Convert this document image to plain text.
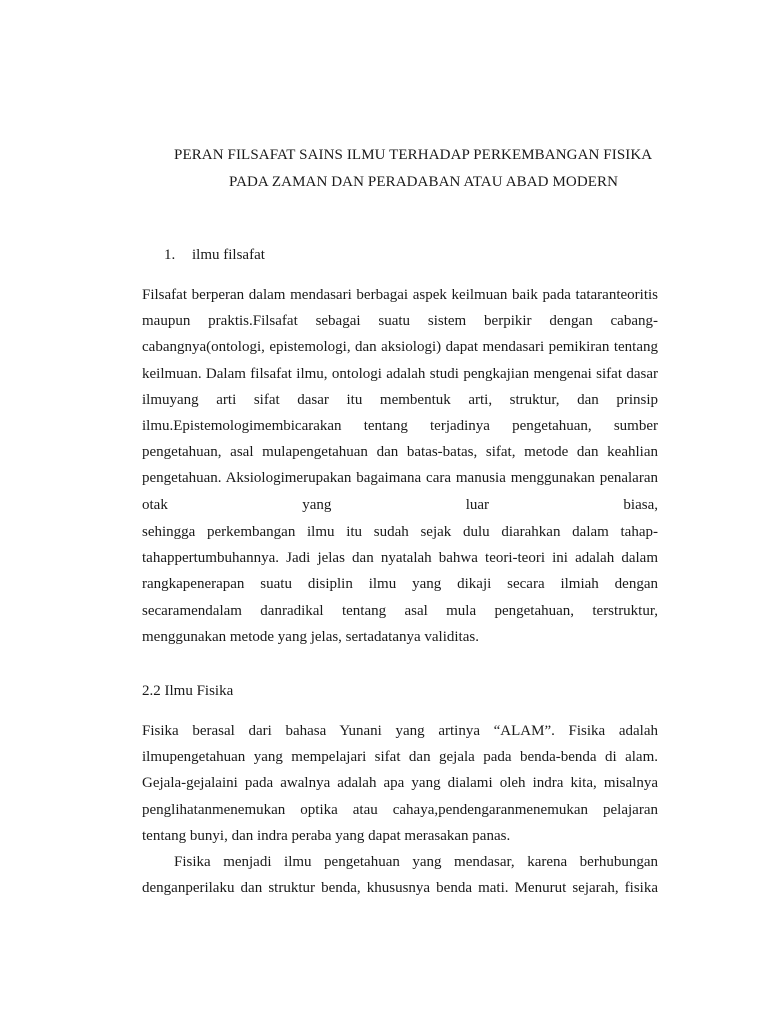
PERAN FILSAFAT SAINS ILMU TERHADAP PERKEMBANGAN FISIKA
PADA ZAMAN DAN PERADABAN ATAU ABAD MODERN
1. ilmu filsafat

Filsafat berperan dalam mendasari berbagai aspek keilmuan baik pada tataranteoritis maupun praktis.Filsafat sebagai suatu sistem berpikir dengan cabang-cabangnya(ontologi, epistemologi, dan aksiologi) dapat mendasari pemikiran tentang keilmuan. Dalam filsafat ilmu, ontologi adalah studi pengkajian mengenai sifat dasar ilmuyang arti sifat dasar itu membentuk arti, struktur, dan prinsip ilmu.Epistemologimembicarakan tentang terjadinya pengetahuan, sumber pengetahuan, asal mulapengetahuan dan batas-batas, sifat, metode dan keahlian pengetahuan. Aksiologimerupakan bagaimana cara manusia menggunakan penalaran otak yang luar biasa,

sehingga perkembangan ilmu itu sudah sejak dulu diarahkan dalam tahap-tahappertumbuhannya. Jadi jelas dan nyatalah bahwa teori-teori ini adalah dalam rangkapenerapan suatu disiplin ilmu yang dikaji secara ilmiah dengan secaramendalam danradikal tentang asal mula pengetahuan, terstruktur, menggunakan metode yang jelas, sertadatanya validitas.

2.2 Ilmu Fisika

Fisika berasal dari bahasa Yunani yang artinya “ALAM”. Fisika adalah ilmupengetahuan yang mempelajari sifat dan gejala pada benda-benda di alam. Gejala-gejalaini pada awalnya adalah apa yang dialami oleh indra kita, misalnya penglihatanmenemukan optika atau cahaya,pendengaranmenemukan pelajaran tentang bunyi, dan indra peraba yang dapat merasakan panas.

Fisika menjadi ilmu pengetahuan yang mendasar, karena berhubungan denganperilaku dan struktur benda, khususnya benda mati. Menurut sejarah, fisika
